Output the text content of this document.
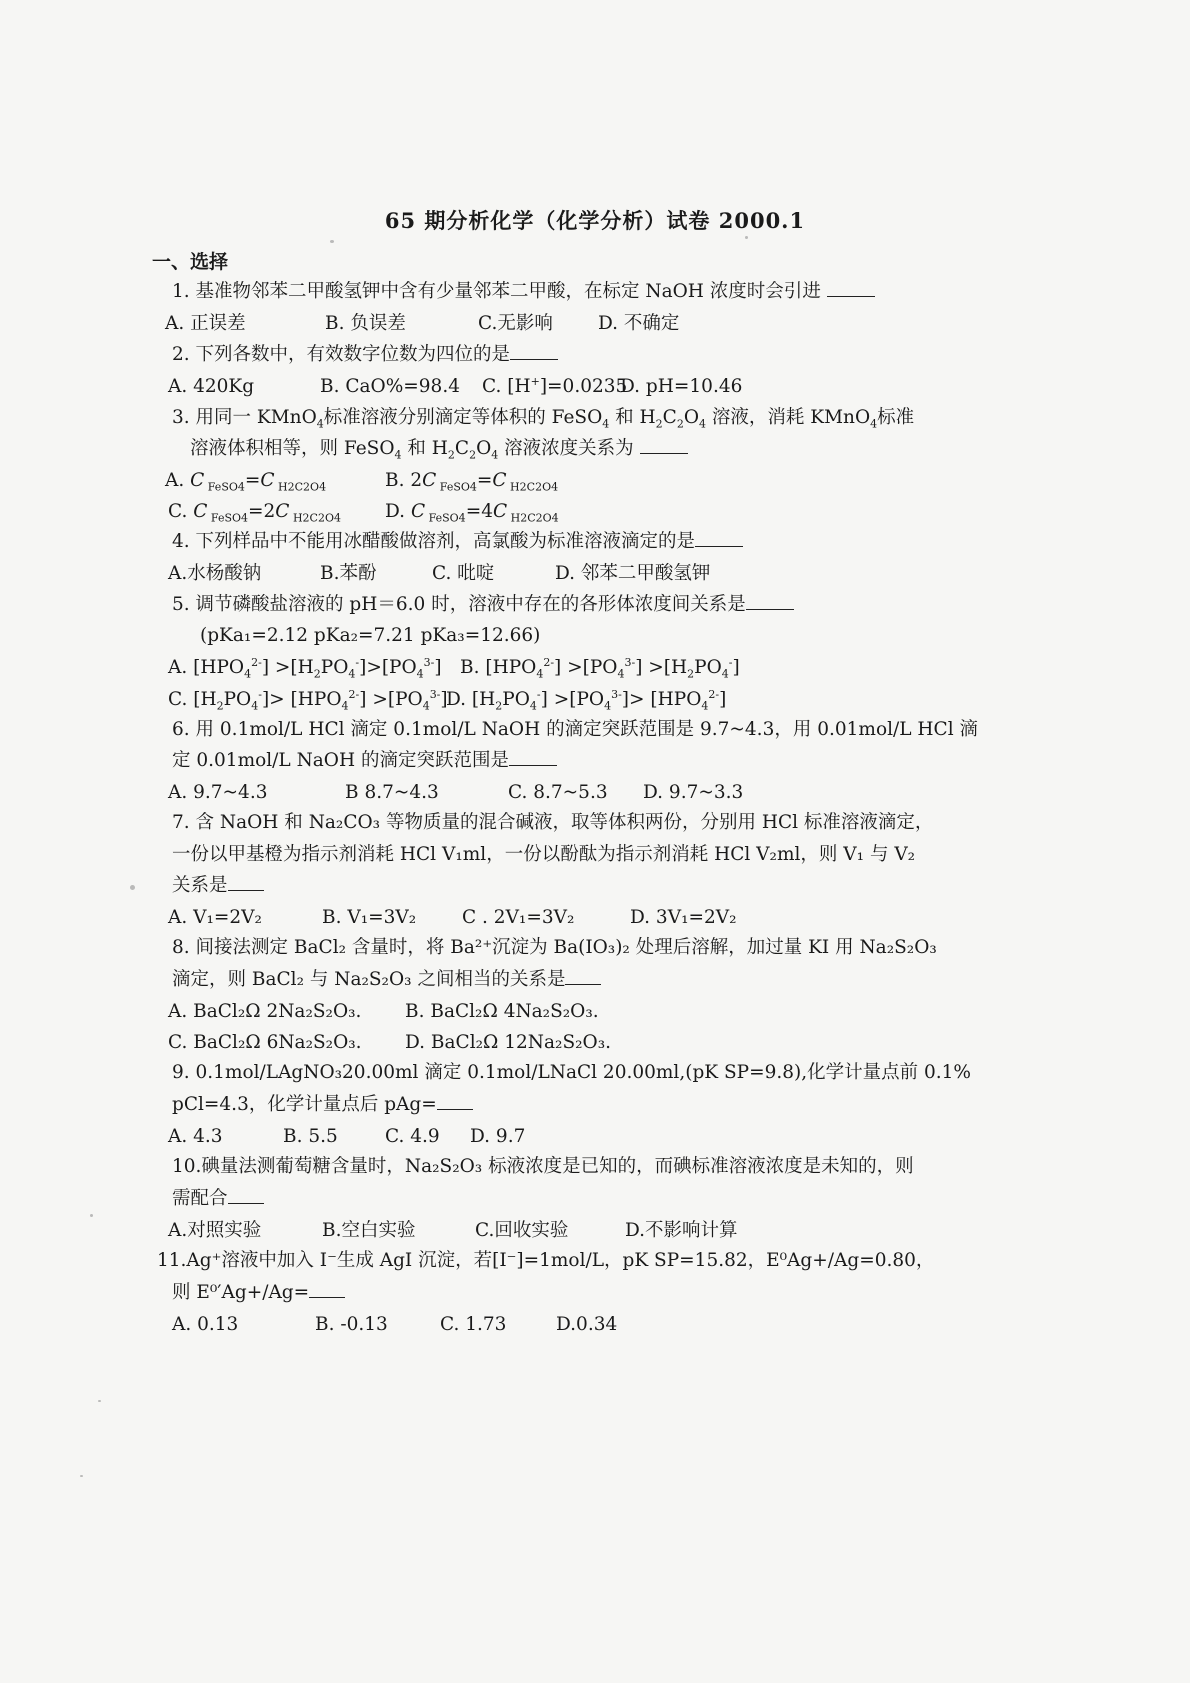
65 期分析化学（化学分析）试卷 2000.1
一、选择
1. 基准物邻苯二甲酸氢钾中含有少量邻苯二甲酸，在标定 NaOH 浓度时会引进
A. 正误差	B. 负误差	C.无影响 D. 不确定
2. 下列各数中，有效数字位数为四位的是
A. 420Kg	B. CaO%=98.4 C. [H+]=0.0235
D. pH=10.46
3. 用同一 KMnO$_4$标准溶液分别滴定等体积的 FeSO$_4$ 和 $H_2C_2O_4$ 溶液，消耗 KMnO$_4$标准
溶液体积相等，则 FeSO$_4$ 和 $H_2C_2O_4$ 溶液浓度关系为
A. C $_{FeSO4}$=C $_{H2C2O4}$	B. 2C $_{FeSO4}$=C $_{H2C2O4}$
C. C $_{FeSO4}$=2C $_{H2C2O4}$ D. C $_{FeSO4}$=4C $_{H2C2O4}$
4. 下列样品中不能用冰醋酸做溶剂，高氯酸为标准溶液滴定的是
A.水杨酸钠	B.苯酚	C. 吡啶	D. 邻苯二甲酸氢钾
5. 调节磷酸盐溶液的 pH＝6.0 时，溶液中存在的各形体浓度间关系是
(pKa₁=2.12 pKa₂=7.21 pKa₃=12.66)
A. $[HPO_4^{2-}] >[H_2PO_4^-]>[PO_4^{3-}]$ B. $[HPO_4^{2-}] >[PO_4^{3-}] >[H_2PO_4^-]$
C. $[H_2PO_4^-]> [HPO_4^{2-}] >[PO_4^{3-}]$
D. $[H_2PO_4^-] >[PO_4^{3-}]> [HPO_4^{2-}]$
6. 用 0.1mol/L HCl 滴定 0.1mol/L NaOH 的滴定突跃范围是 9.7~4.3，用 0.01mol/L HCl 滴
定 0.01mol/L NaOH 的滴定突跃范围是
A. 9.7~4.3	B 8.7~4.3	C. 8.7~5.3 D. 9.7~3.3
7. 含 NaOH 和 Na₂CO₃ 等物质量的混合碱液，取等体积两份，分别用 HCl 标准溶液滴定，
一份以甲基橙为指示剂消耗 HCl V₁ml，一份以酚酞为指示剂消耗 HCl V₂ml，则 V₁ 与 V₂
关系是
A. V₁=2V₂	B. V₁=3V₂ C . 2V₁=3V₂	D. 3V₁=2V₂
8. 间接法测定 BaCl₂ 含量时，将 Ba²⁺沉淀为 Ba(IO₃)₂ 处理后溶解，加过量 KI 用 Na₂S₂O₃
滴定，则 BaCl₂ 与 Na₂S₂O₃ 之间相当的关系是
A. BaCl₂Ω 2Na₂S₂O₃. B. BaCl₂Ω 4Na₂S₂O₃.
C. BaCl₂Ω 6Na₂S₂O₃. D. BaCl₂Ω 12Na₂S₂O₃.
9. 0.1mol/LAgNO₃20.00ml 滴定 0.1mol/LNaCl 20.00ml,(pK SP=9.8),化学计量点前 0.1%
pCl=4.3，化学计量点后 pAg=
A. 4.3	B. 5.5	C. 4.9 D. 9.7
10.碘量法测葡萄糖含量时，Na₂S₂O₃ 标液浓度是已知的，而碘标准溶液浓度是未知的，则
需配合
A.对照实验	B.空白实验	C.回收实验	D.不影响计算
11.Ag⁺溶液中加入 I⁻生成 AgI 沉淀，若[I⁻]=1mol/L，pK SP=15.82，E⁰Ag+/Ag=0.80，
则 E⁰′Ag+/Ag=
A. 0.13	B. -0.13	C. 1.73	D.0.34
